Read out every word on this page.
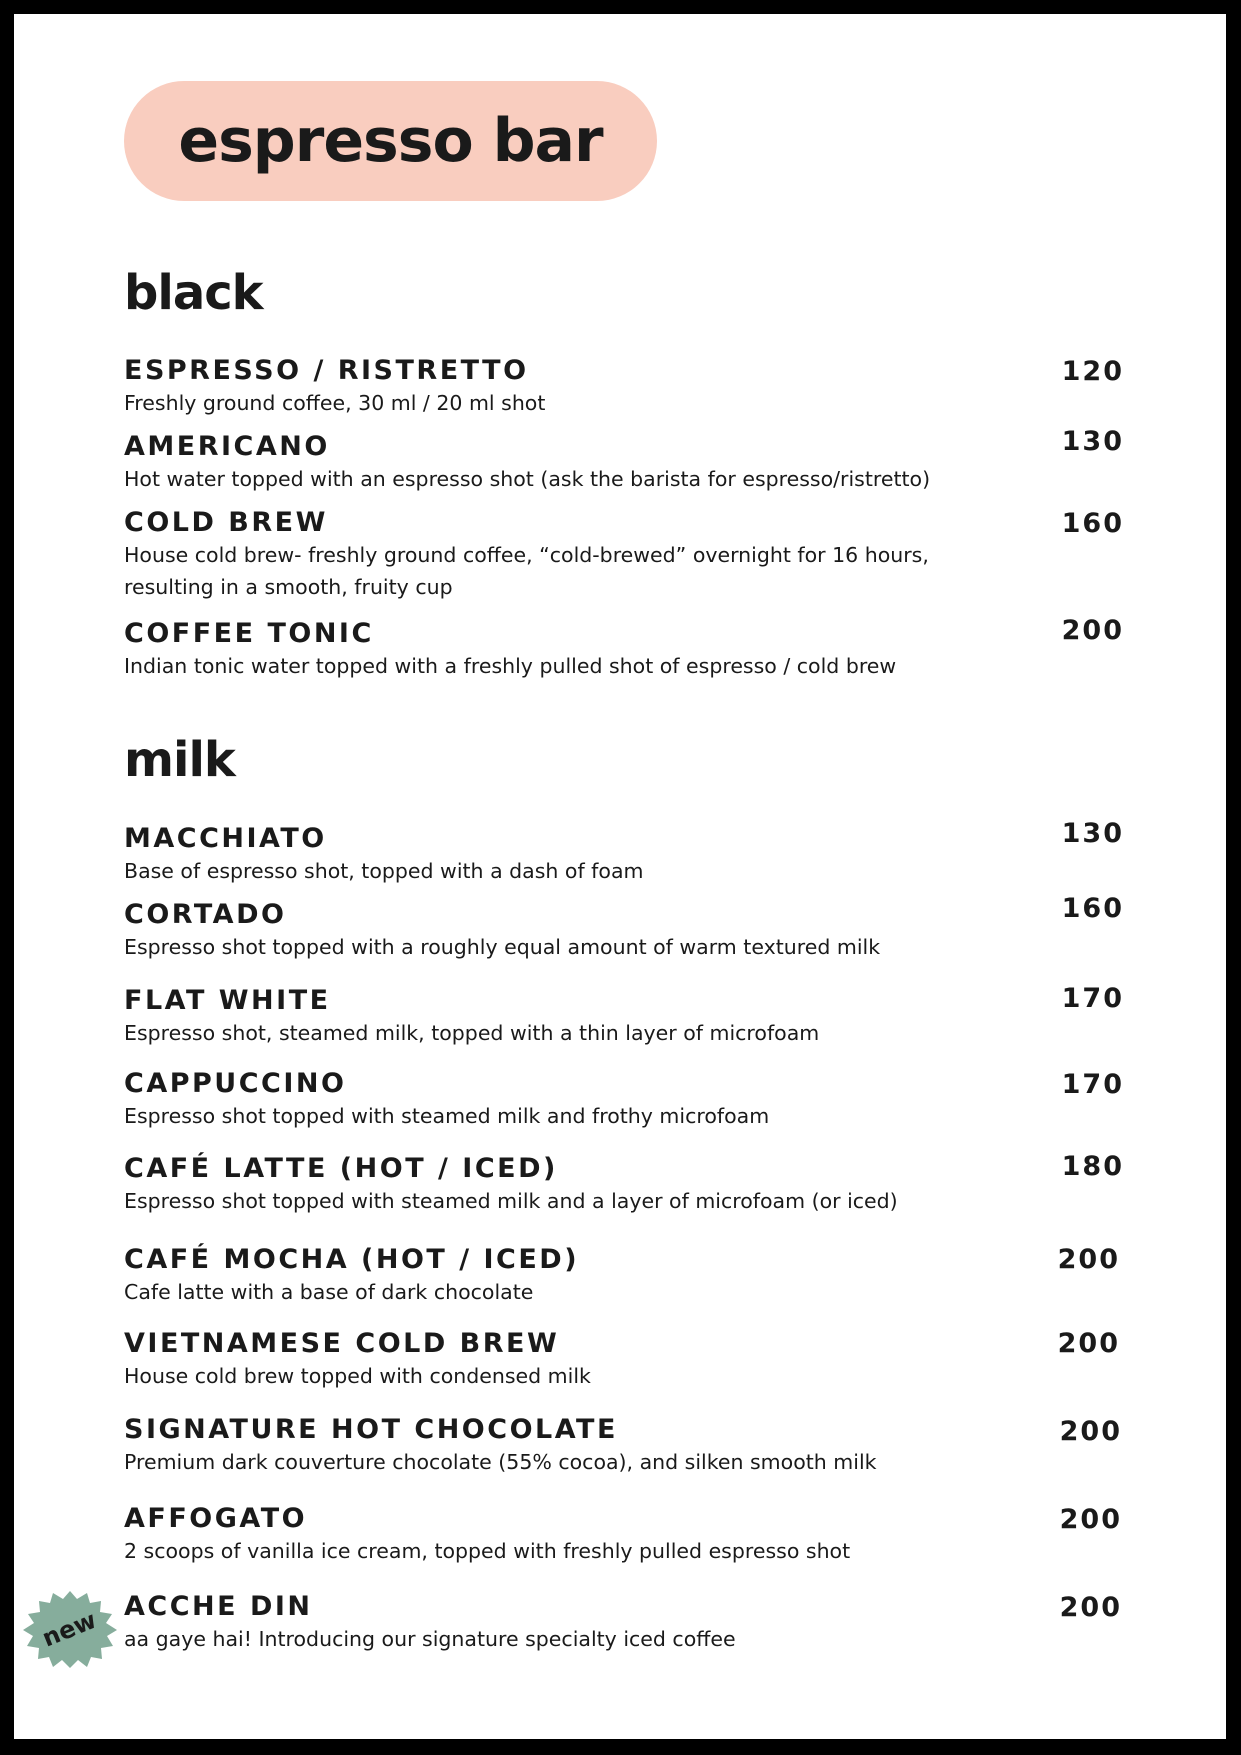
espresso bar
black
ESPRESSO / RISTRETTO
Freshly ground coffee, 30 ml / 20 ml shot
120
AMERICANO
Hot water topped with an espresso shot (ask the barista for espresso/ristretto)
130
COLD BREW
House cold brew- freshly ground coffee, “cold-brewed” overnight for 16 hours, resulting in a smooth, fruity cup
160
COFFEE TONIC
Indian tonic water topped with a freshly pulled shot of espresso / cold brew
200
milk
MACCHIATO
Base of espresso shot, topped with a dash of foam
130
CORTADO
Espresso shot topped with a roughly equal amount of warm textured milk
160
FLAT WHITE
Espresso shot, steamed milk, topped with a thin layer of microfoam
170
CAPPUCCINO
Espresso shot topped with steamed milk and frothy microfoam
170
CAFÉ LATTE (HOT / ICED)
Espresso shot topped with steamed milk and a layer of microfoam (or iced)
180
CAFÉ MOCHA (HOT / ICED)
Cafe latte with a base of dark chocolate
200
VIETNAMESE COLD BREW
House cold brew topped with condensed milk
200
SIGNATURE HOT CHOCOLATE
Premium dark couverture chocolate (55% cocoa), and silken smooth milk
200
AFFOGATO
2 scoops of vanilla ice cream, topped with freshly pulled espresso shot
200
ACCHE DIN
aa gaye hai! Introducing our signature specialty iced coffee
200
new
